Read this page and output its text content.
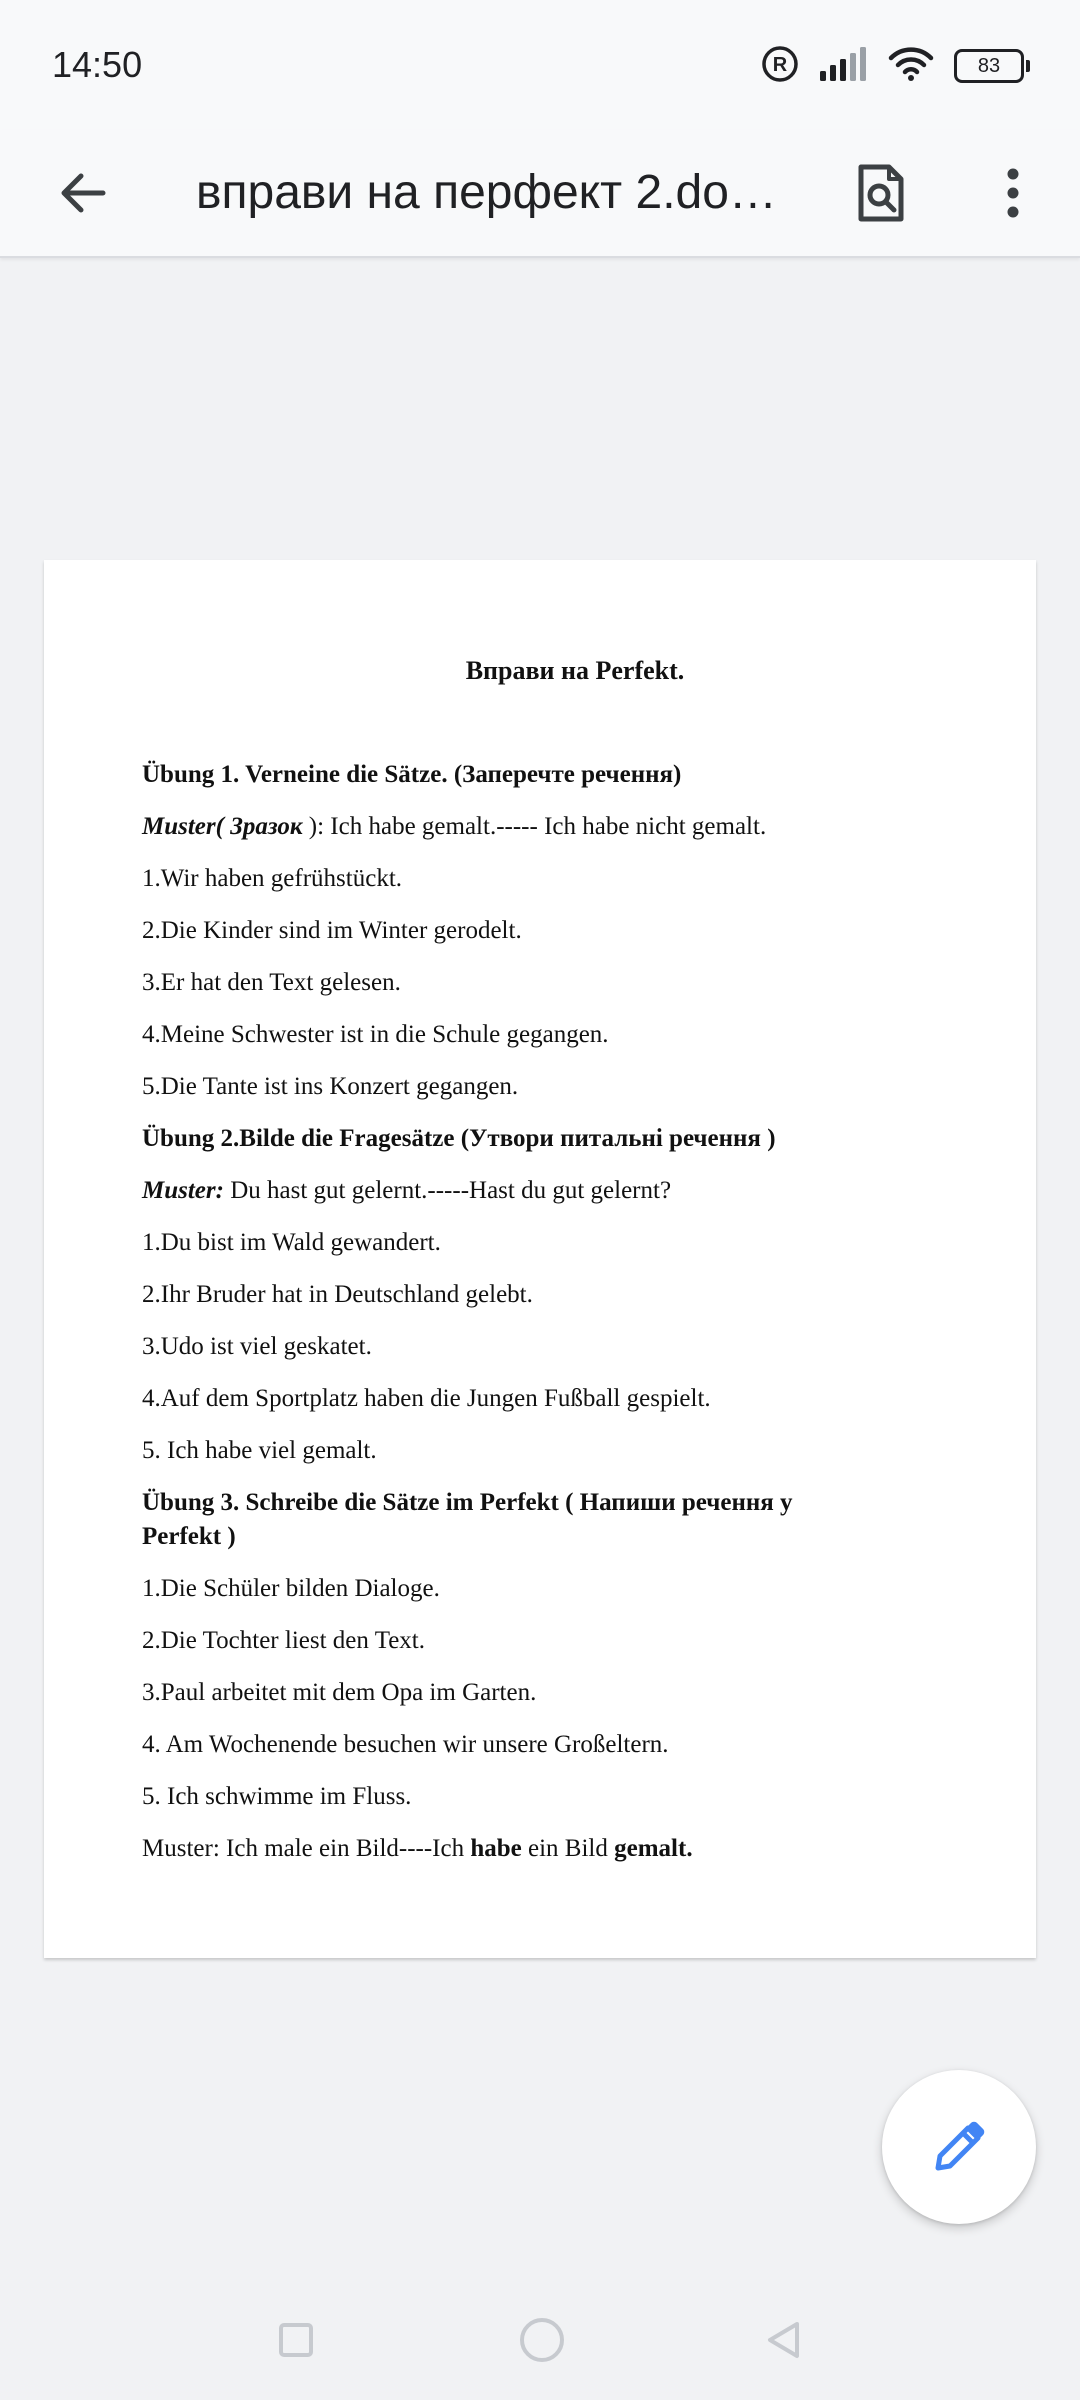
14:50	R	83
вправи на перфект 2.do…
Вправи на Perfekt.
Übung 1. Verneine die Sätze. (Заперечте речення)
Muster( Зразок ): Ich habe gemalt.----- Ich habe nicht gemalt.
1.Wir haben gefrühstückt.
2.Die Kinder sind im Winter gerodelt.
3.Er hat den Text gelesen.
4.Meine Schwester ist in die Schule gegangen.
5.Die Tante ist ins Konzert gegangen.
Übung 2.Bilde die Fragesätze (Утвори питальні речення )
Muster: Du hast gut gelernt.-----Hast du gut gelernt?
1.Du bist im Wald gewandert.
2.Ihr Bruder hat in Deutschland gelebt.
3.Udo ist viel geskatet.
4.Auf dem Sportplatz haben die Jungen Fußball gespielt.
5. Ich habe viel gemalt.
Übung 3. Schreibe die Sätze im Perfekt ( Напиши речення у Perfekt )
1.Die Schüler bilden Dialoge.
2.Die Tochter liest den Text.
3.Paul arbeitet mit dem Opa im Garten.
4. Am Wochenende besuchen wir unsere Großeltern.
5. Ich schwimme im Fluss.
Muster: Ich male ein Bild----Ich habe ein Bild gemalt.
